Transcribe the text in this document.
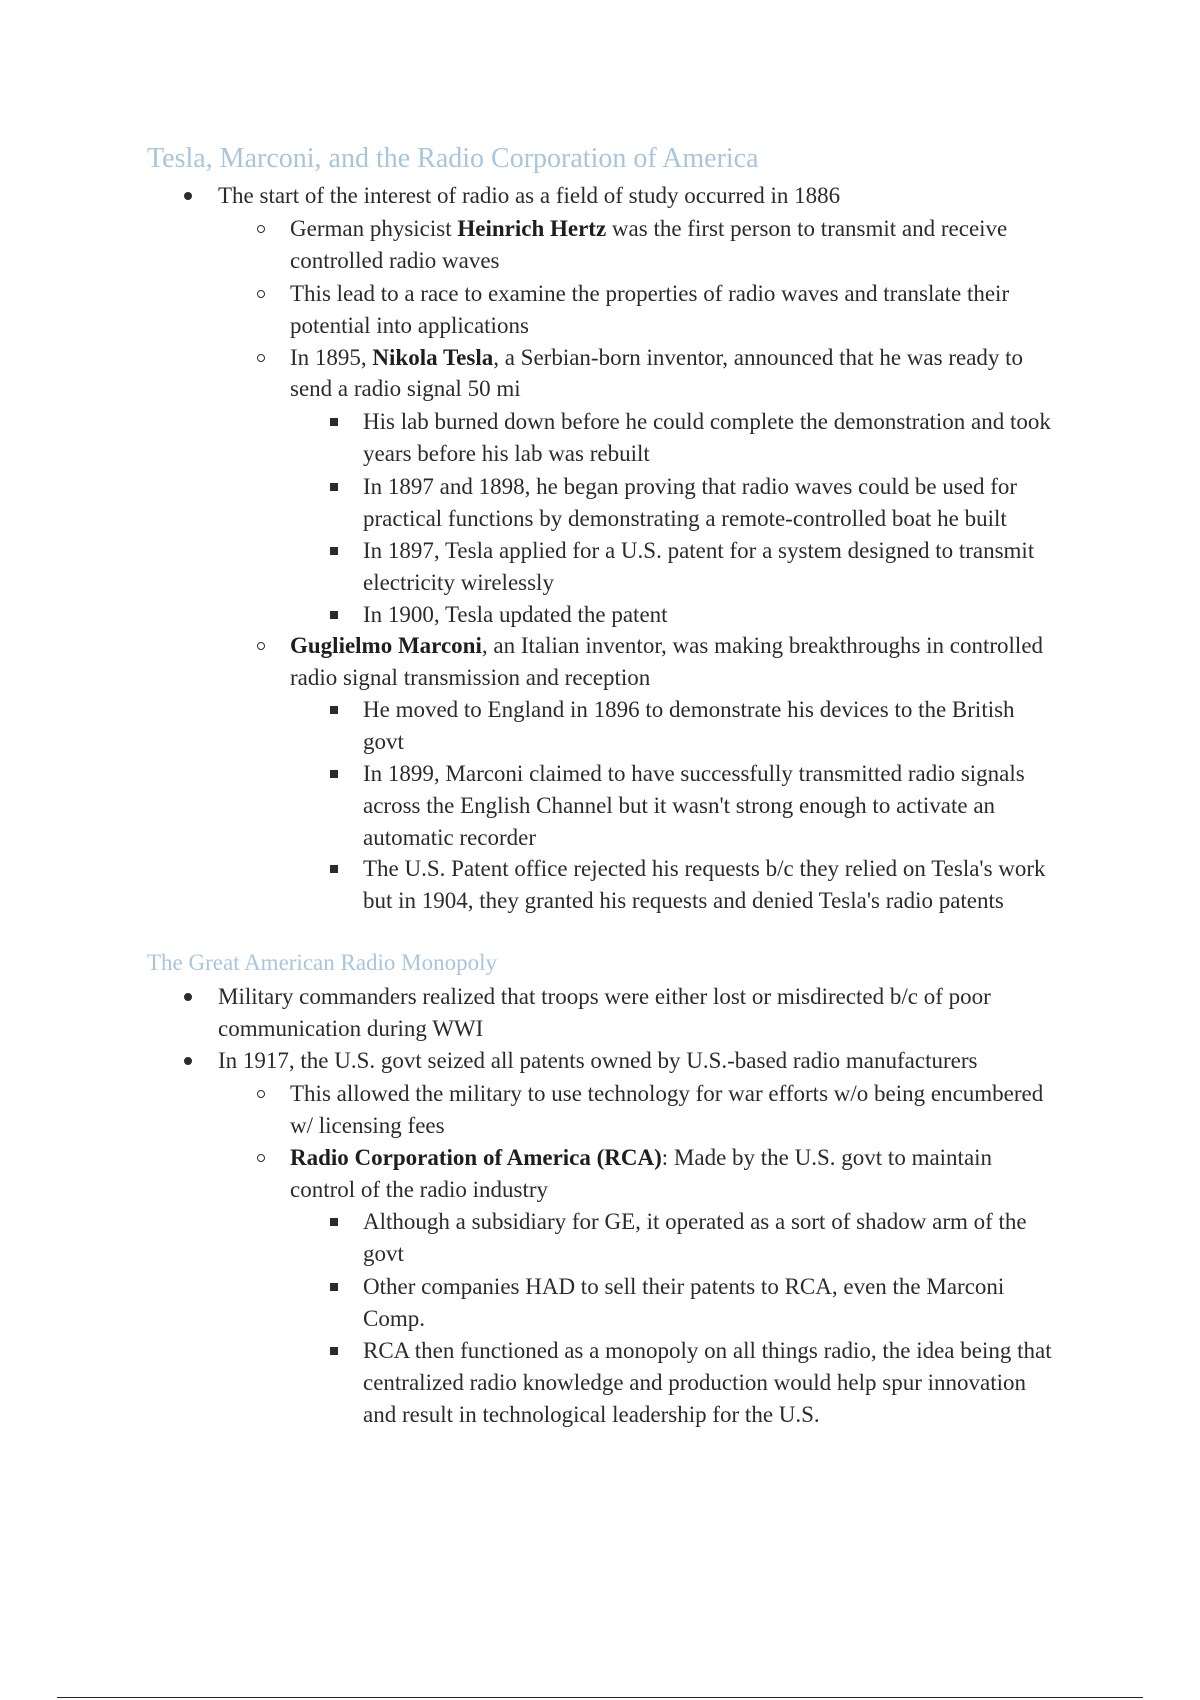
Tesla, Marconi, and the Radio Corporation of America
The start of the interest of radio as a field of study occurred in 1886
German physicist Heinrich Hertz was the first person to transmit and receive
controlled radio waves
This lead to a race to examine the properties of radio waves and translate their
potential into applications
In 1895, Nikola Tesla, a Serbian-born inventor, announced that he was ready to
send a radio signal 50 mi
His lab burned down before he could complete the demonstration and took
years before his lab was rebuilt
In 1897 and 1898, he began proving that radio waves could be used for
practical functions by demonstrating a remote-controlled boat he built
In 1897, Tesla applied for a U.S. patent for a system designed to transmit
electricity wirelessly
In 1900, Tesla updated the patent
Guglielmo Marconi, an Italian inventor, was making breakthroughs in controlled
radio signal transmission and reception
He moved to England in 1896 to demonstrate his devices to the British
govt
In 1899, Marconi claimed to have successfully transmitted radio signals
across the English Channel but it wasn't strong enough to activate an
automatic recorder
The U.S. Patent office rejected his requests b/c they relied on Tesla's work
but in 1904, they granted his requests and denied Tesla's radio patents
The Great American Radio Monopoly
Military commanders realized that troops were either lost or misdirected b/c of poor
communication during WWI
In 1917, the U.S. govt seized all patents owned by U.S.-based radio manufacturers
This allowed the military to use technology for war efforts w/o being encumbered
w/ licensing fees
Radio Corporation of America (RCA): Made by the U.S. govt to maintain
control of the radio industry
Although a subsidiary for GE, it operated as a sort of shadow arm of the
govt
Other companies HAD to sell their patents to RCA, even the Marconi
Comp.
RCA then functioned as a monopoly on all things radio, the idea being that
centralized radio knowledge and production would help spur innovation
and result in technological leadership for the U.S.
